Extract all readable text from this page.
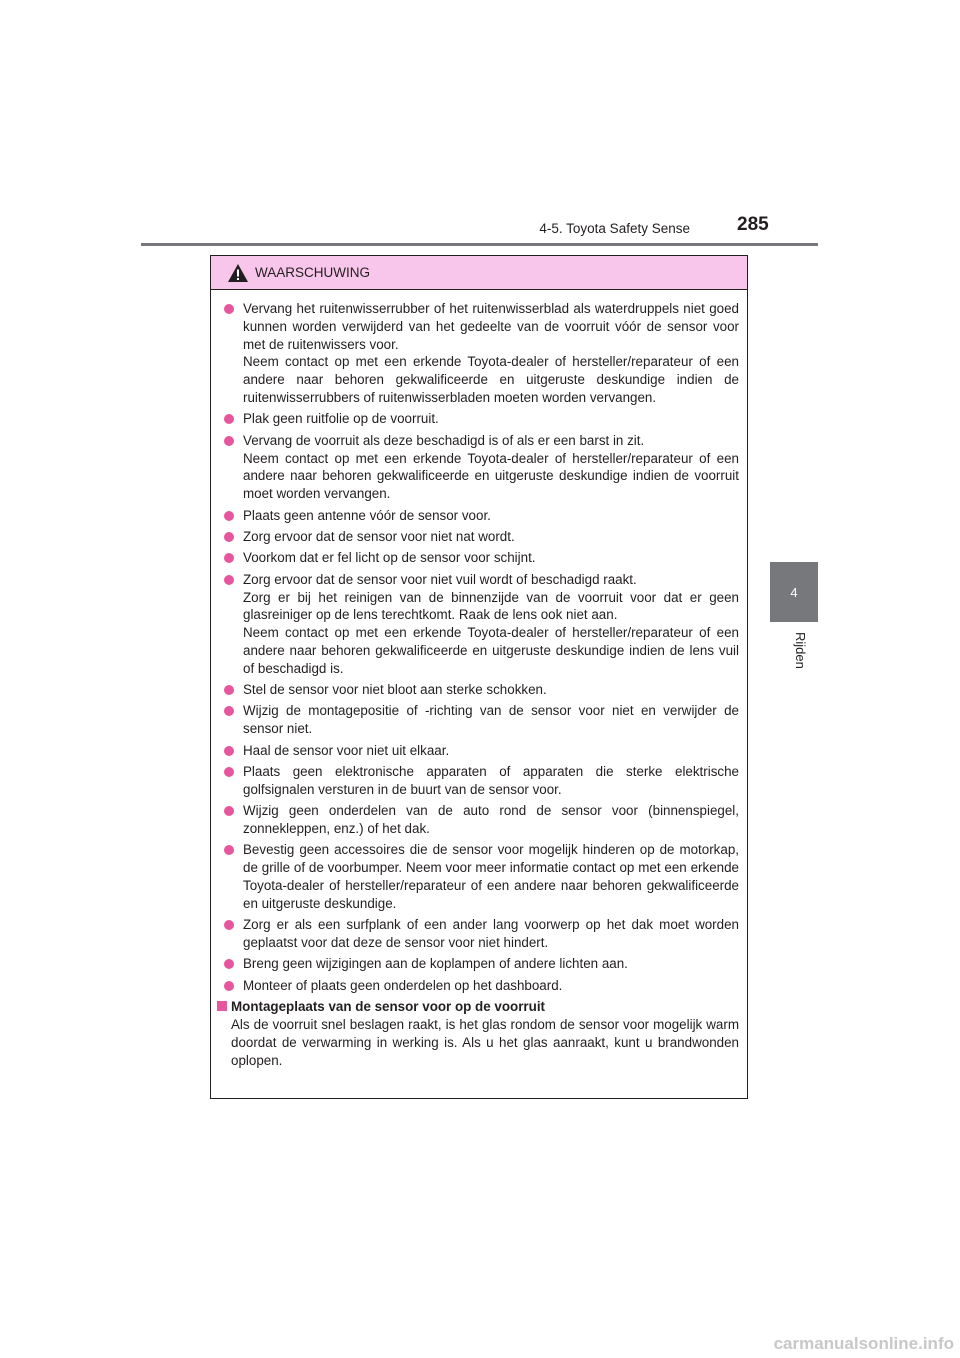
4-5. Toyota Safety Sense 285
4
Rijden
WAARSCHUWING

Vervang het ruitenwisserrubber of het ruitenwisserblad als waterdruppels niet goed kunnen worden verwijderd van het gedeelte van de voorruit vóór de sensor voor met de ruitenwissers voor.

Neem contact op met een erkende Toyota-dealer of hersteller/reparateur of een andere naar behoren gekwalificeerde en uitgeruste deskundige indien de ruitenwisserrubbers of ruitenwisserbladen moeten worden vervangen.

Plak geen ruitfolie op de voorruit.

Vervang de voorruit als deze beschadigd is of als er een barst in zit.

Neem contact op met een erkende Toyota-dealer of hersteller/reparateur of een andere naar behoren gekwalificeerde en uitgeruste deskundige indien de voorruit moet worden vervangen.

Plaats geen antenne vóór de sensor voor.

Zorg ervoor dat de sensor voor niet nat wordt.

Voorkom dat er fel licht op de sensor voor schijnt.

Zorg ervoor dat de sensor voor niet vuil wordt of beschadigd raakt.

Zorg er bij het reinigen van de binnenzijde van de voorruit voor dat er geen glasreiniger op de lens terechtkomt. Raak de lens ook niet aan.

Neem contact op met een erkende Toyota-dealer of hersteller/reparateur of een andere naar behoren gekwalificeerde en uitgeruste deskundige indien de lens vuil of beschadigd is.

Stel de sensor voor niet bloot aan sterke schokken.

Wijzig de montagepositie of -richting van de sensor voor niet en verwijder de sensor niet.

Haal de sensor voor niet uit elkaar.

Plaats geen elektronische apparaten of apparaten die sterke elektrische golfsignalen versturen in de buurt van de sensor voor.

Wijzig geen onderdelen van de auto rond de sensor voor (binnenspiegel, zonnekleppen, enz.) of het dak.

Bevestig geen accessoires die de sensor voor mogelijk hinderen op de motorkap, de grille of de voorbumper. Neem voor meer informatie contact op met een erkende Toyota-dealer of hersteller/reparateur of een andere naar behoren gekwalificeerde en uitgeruste deskundige.

Zorg er als een surfplank of een ander lang voorwerp op het dak moet worden geplaatst voor dat deze de sensor voor niet hindert.

Breng geen wijzigingen aan de koplampen of andere lichten aan.

Monteer of plaats geen onderdelen op het dashboard.

Montageplaats van de sensor voor op de voorruit

Als de voorruit snel beslagen raakt, is het glas rondom de sensor voor mogelijk warm doordat de verwarming in werking is. Als u het glas aanraakt, kunt u brandwonden oplopen.

carmanualsonline.info
